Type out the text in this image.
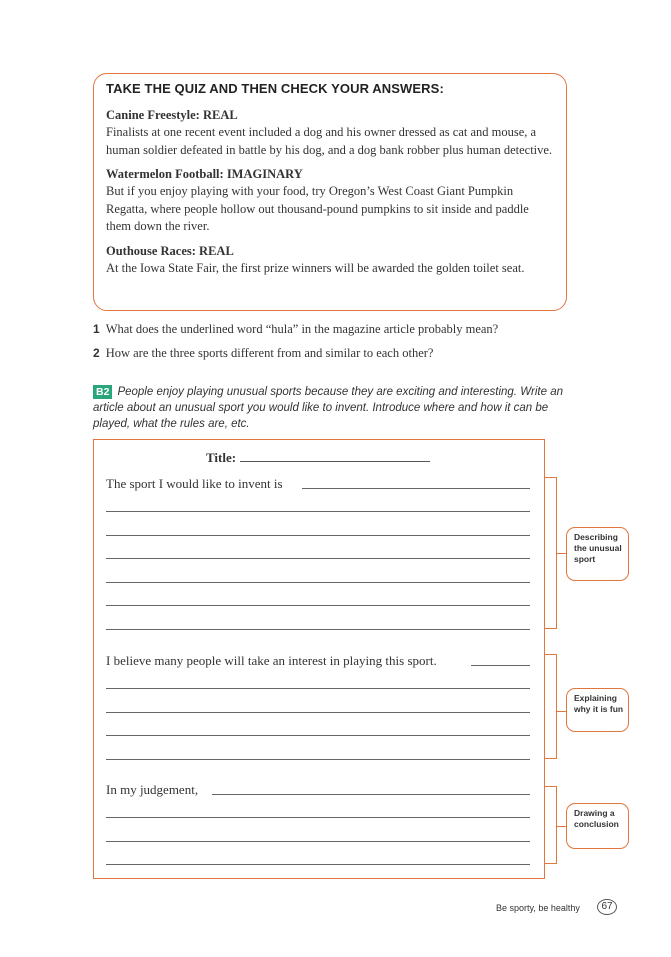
TAKE THE QUIZ AND THEN CHECK YOUR ANSWERS:
Canine Freestyle: REAL
Finalists at one recent event included a dog and his owner dressed as cat and mouse, a human soldier defeated in battle by his dog, and a dog bank robber plus human detective.
Watermelon Football: IMAGINARY
But if you enjoy playing with your food, try Oregon’s West Coast Giant Pumpkin Regatta, where people hollow out thousand-pound pumpkins to sit inside and paddle them down the river.
Outhouse Races: REAL
At the Iowa State Fair, the first prize winners will be awarded the golden toilet seat.
1 What does the underlined word “hula” in the magazine article probably mean?
2 How are the three sports different from and similar to each other?
B2 People enjoy playing unusual sports because they are exciting and interesting. Write an article about an unusual sport you would like to invent. Introduce where and how it can be played, what the rules are, etc.
Title:
The sport I would like to invent is
I believe many people will take an interest in playing this sport.
In my judgement,
Describing the unusual sport
Explaining why it is fun
Drawing a conclusion
Be sporty, be healthy	67
